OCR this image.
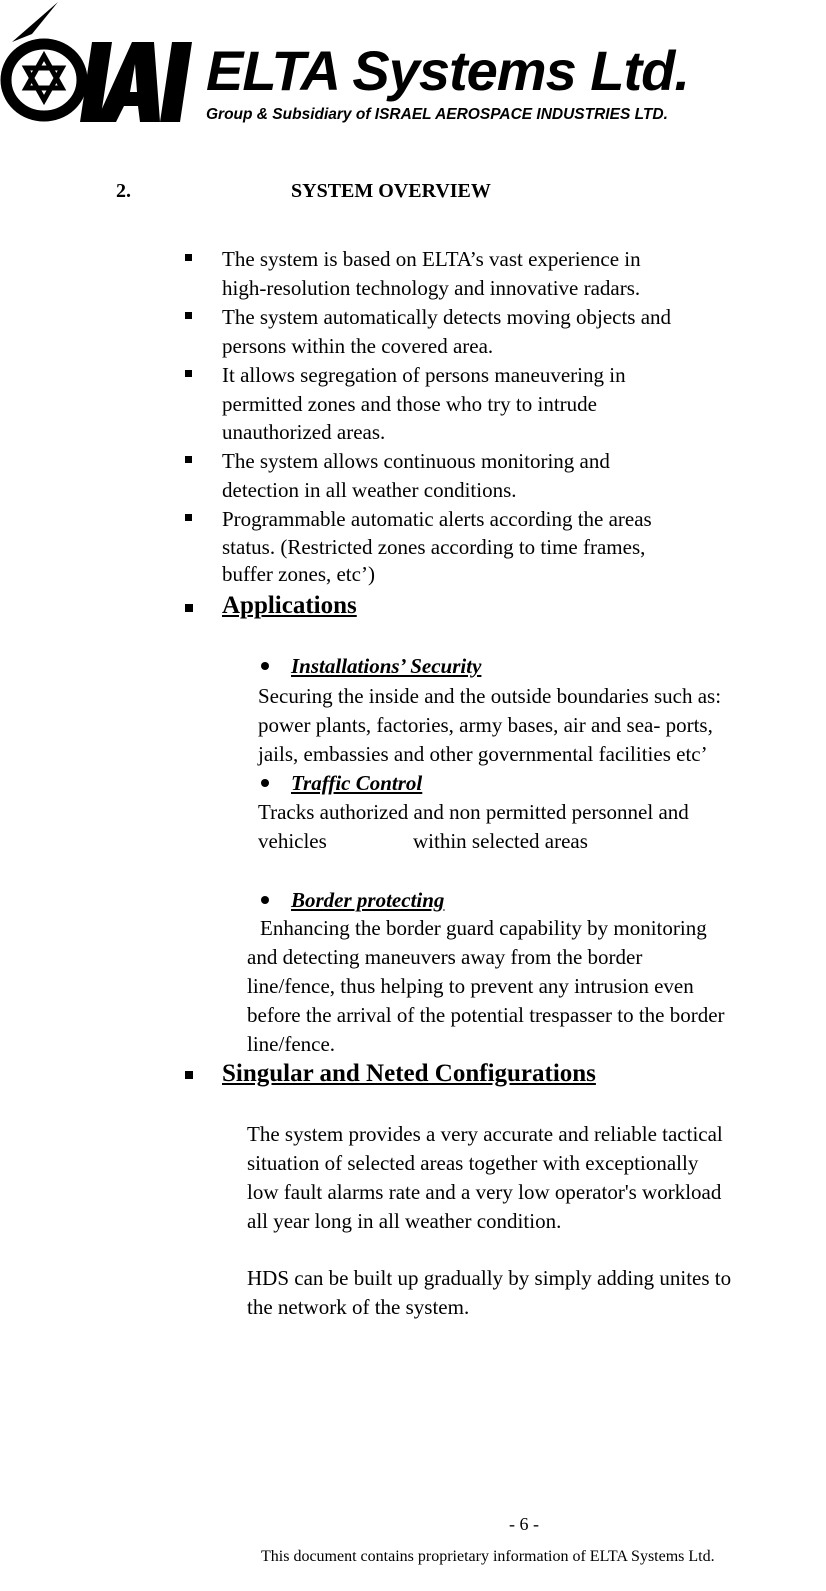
ELTA Systems Ltd.
Group & Subsidiary of ISRAEL AEROSPACE INDUSTRIES LTD.
2.	SYSTEM OVERVIEW
The system is based on ELTA’s vast experience in
high-resolution technology and innovative radars.
The system automatically detects moving objects and
persons within the covered area.
It allows segregation of persons maneuvering in
permitted zones and those who try to intrude
unauthorized areas.
The system allows continuous monitoring and
detection in all weather conditions.
Programmable automatic alerts according the areas
status. (Restricted zones according to time frames,
buffer zones, etc’)
Applications
Installations’ Security
Securing the inside and the outside boundaries such as:
power plants, factories, army bases, air and sea- ports,
jails, embassies and other governmental facilities etc’
Traffic Control
Tracks authorized and non permitted personnel and
vehicles	within selected areas
Border protecting
Enhancing the border guard capability by monitoring
and detecting maneuvers away from the border
line/fence, thus helping to prevent any intrusion even
before the arrival of the potential trespasser to the border
line/fence.
Singular and Neted Configurations
The system provides a very accurate and reliable tactical
situation of selected areas together with exceptionally
low fault alarms rate and a very low operator's workload
all year long in all weather condition.
HDS can be built up gradually by simply adding unites to
the network of the system.
- 6 -
This document contains proprietary information of ELTA Systems Ltd.
